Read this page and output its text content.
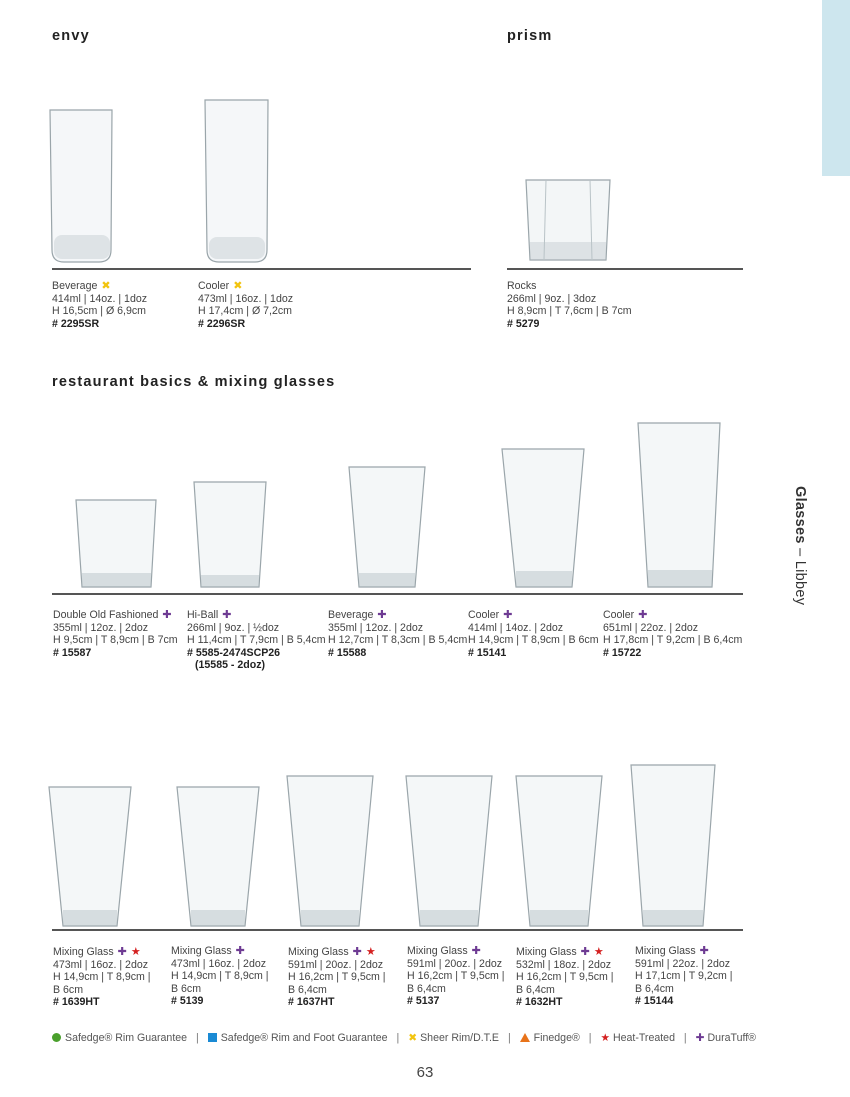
Glasses – Libbey
envy	prism
restaurant basics & mixing glasses
Beverage ✖
414ml | 14oz. | 1doz
H 16,5cm | Ø 6,9cm
# 2295SR
Cooler ✖
473ml | 16oz. | 1doz
H 17,4cm | Ø 7,2cm
# 2296SR
Rocks
266ml | 9oz. | 3doz
H 8,9cm | T 7,6cm | B 7cm
# 5279
Double Old Fashioned ✚
355ml | 12oz. | 2doz
H 9,5cm | T 8,9cm | B 7cm
# 15587
Hi-Ball ✚
266ml | 9oz. | ½doz
H 11,4cm | T 7,9cm | B 5,4cm
# 5585-2474SCP26
(15585 - 2doz)
Beverage ✚
355ml | 12oz. | 2doz
H 12,7cm | T 8,3cm | B 5,4cm
# 15588
Cooler ✚
414ml | 14oz. | 2doz
H 14,9cm | T 8,9cm | B 6cm
# 15141
Cooler ✚
651ml | 22oz. | 2doz
H 17,8cm | T 9,2cm | B 6,4cm
# 15722
Mixing Glass ✚ ★
473ml | 16oz. | 2doz
H 14,9cm | T 8,9cm |
B 6cm
# 1639HT
Mixing Glass ✚
473ml | 16oz. | 2doz
H 14,9cm | T 8,9cm |
B 6cm
# 5139
Mixing Glass ✚ ★
591ml | 20oz. | 2doz
H 16,2cm | T 9,5cm |
B 6,4cm
# 1637HT
Mixing Glass ✚
591ml | 20oz. | 2doz
H 16,2cm | T 9,5cm |
B 6,4cm
# 5137
Mixing Glass ✚ ★
532ml | 18oz. | 2doz
H 16,2cm | T 9,5cm |
B 6,4cm
# 1632HT
Mixing Glass ✚
591ml | 22oz. | 2doz
H 17,1cm | T 9,2cm |
B 6,4cm
# 15144
Safedge® Rim Guarantee | Safedge® Rim and Foot Guarantee | ✖ Sheer Rim/D.T.E | Finedge® | ★ Heat-Treated | ✚ DuraTuff®
63
